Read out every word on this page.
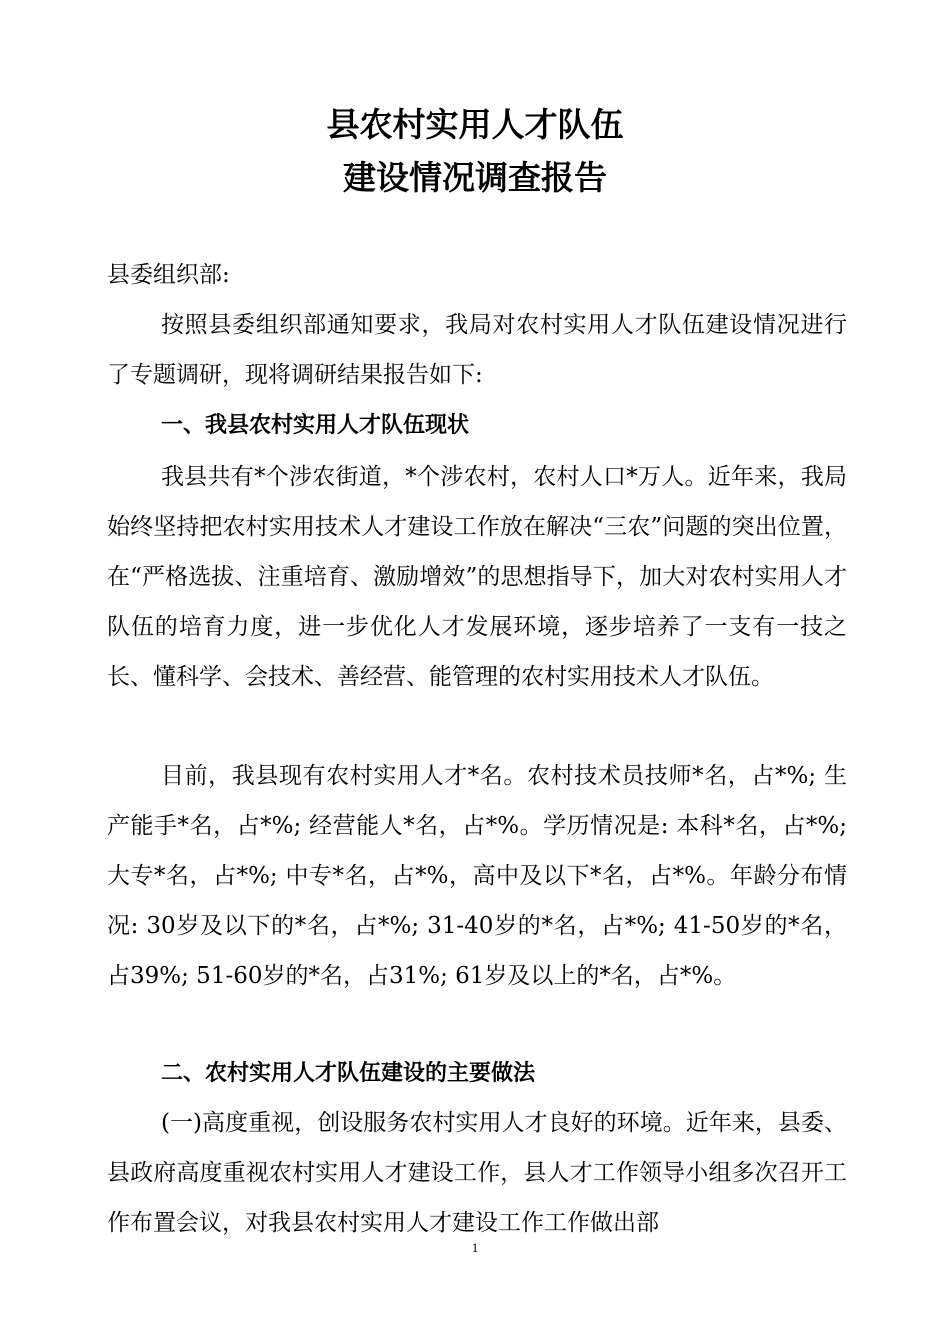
县农村实用人才队伍
建设情况调查报告
县委组织部:
按照县委组织部通知要求，我局对农村实用人才队伍建设情况进行了专题调研，现将调研结果报告如下:
一、我县农村实用人才队伍现状
我县共有*个涉农街道，*个涉农村，农村人口*万人。近年来，我局始终坚持把农村实用技术人才建设工作放在解决“三农”问题的突出位置，在“严格选拔、注重培育、激励增效”的思想指导下，加大对农村实用人才队伍的培育力度，进一步优化人才发展环境，逐步培养了一支有一技之长、懂科学、会技术、善经营、能管理的农村实用技术人才队伍。
目前，我县现有农村实用人才*名。农村技术员技师*名，占*%; 生产能手*名，占*%; 经营能人*名，占*%。学历情况是: 本科*名，占*%; 大专*名，占*%; 中专*名，占*%，高中及以下*名，占*%。年龄分布情况: 30岁及以下的*名，占*%; 31-40岁的*名，占*%; 41-50岁的*名，占39%; 51-60岁的*名，占31%; 61岁及以上的*名，占*%。
二、农村实用人才队伍建设的主要做法
(一)高度重视，创设服务农村实用人才良好的环境。近年来，县委、县政府高度重视农村实用人才建设工作，县人才工作领导小组多次召开工作布置会议，对我县农村实用人才建设工作工作做出部
1
